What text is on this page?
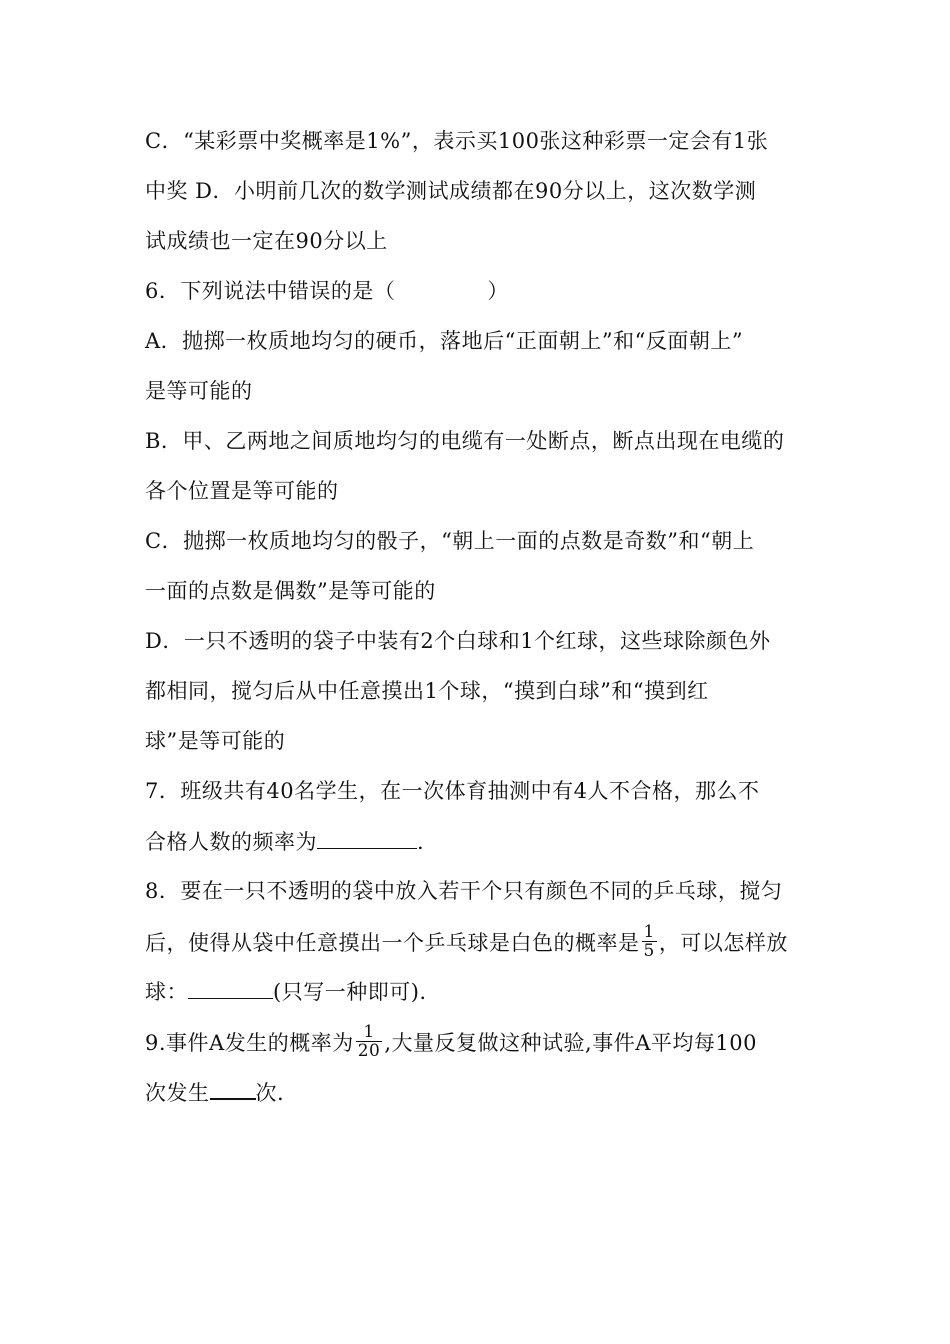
C．“某彩票中奖概率是1%”，表示买100张这种彩票一定会有1张
中奖 D．小明前几次的数学测试成绩都在90分以上，这次数学测
试成绩也一定在90分以上
6．下列说法中错误的是（	）
A．抛掷一枚质地均匀的硬币，落地后“正面朝上”和“反面朝上”
是等可能的
B．甲、乙两地之间质地均匀的电缆有一处断点，断点出现在电缆的
各个位置是等可能的
C．抛掷一枚质地均匀的骰子，“朝上一面的点数是奇数”和“朝上
一面的点数是偶数”是等可能的
D．一只不透明的袋子中装有2个白球和1个红球，这些球除颜色外
都相同，搅匀后从中任意摸出1个球，“摸到白球”和“摸到红
球”是等可能的
7．班级共有40名学生，在一次体育抽测中有4人不合格，那么不
合格人数的频率为	.
8．要在一只不透明的袋中放入若干个只有颜色不同的乒乓球，搅匀
后，使得从袋中任意摸出一个乒乓球是白色的概率是 $\frac{1}{5}$ ，可以怎样放
球：	(只写一种即可).
9.事件A发生的概率为 $\frac{1}{20}$ ,大量反复做这种试验,事件A平均每100
次发生 次.
